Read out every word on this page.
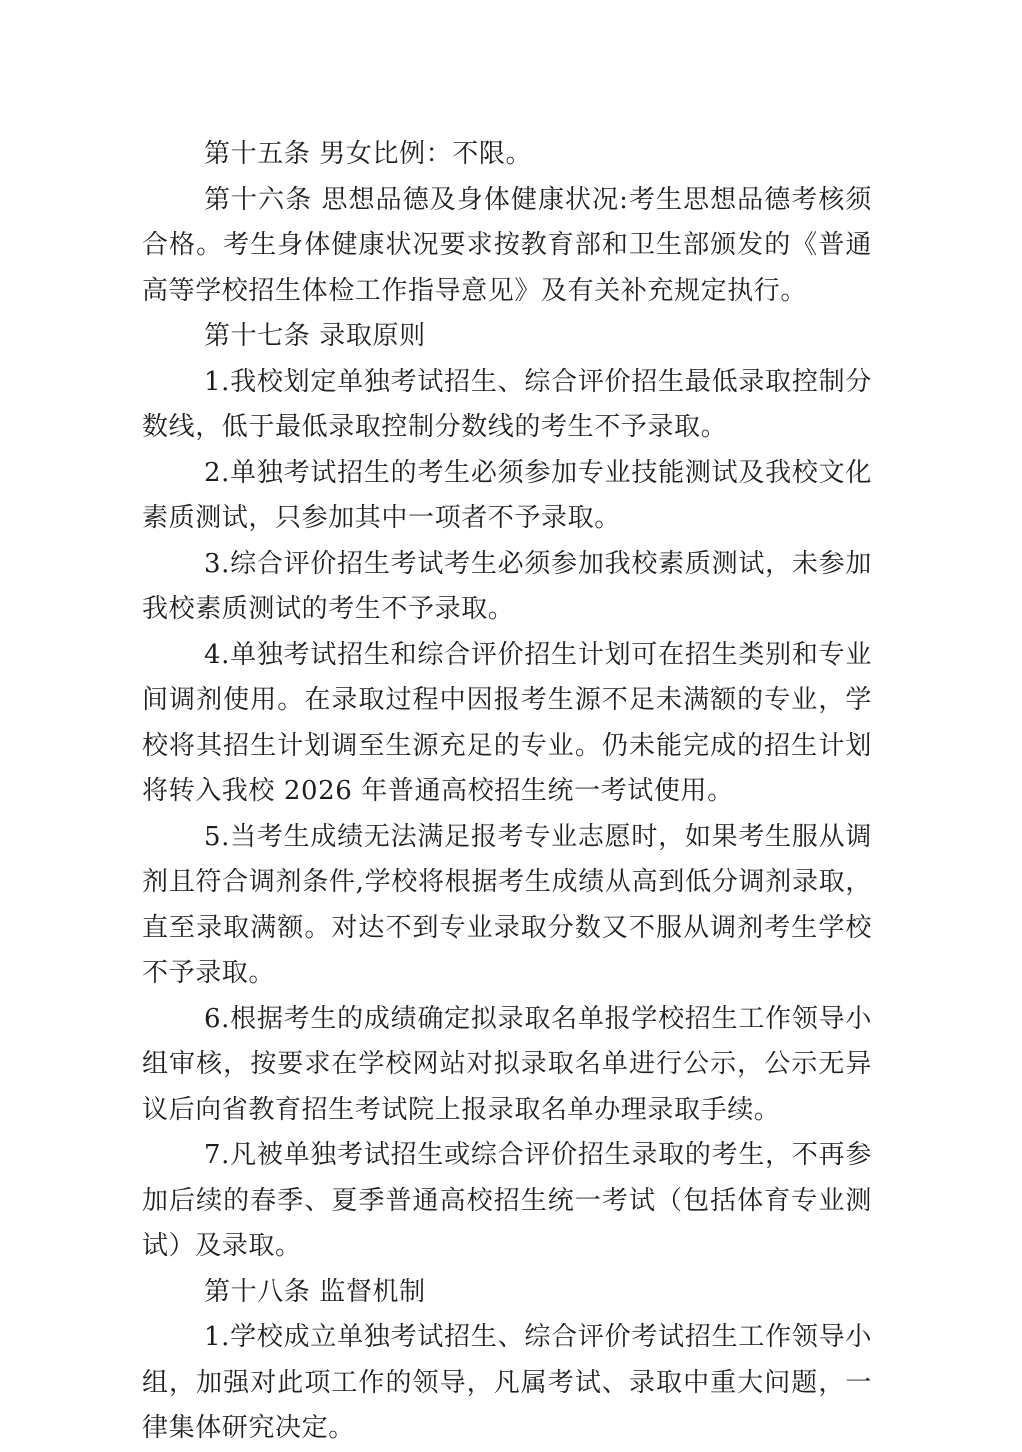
第十五条 男女比例：不限。
第十六条 思想品德及身体健康状况:考生思想品德考核须
合格。考生身体健康状况要求按教育部和卫生部颁发的《普通
高等学校招生体检工作指导意见》及有关补充规定执行。
第十七条 录取原则
1.我校划定单独考试招生、综合评价招生最低录取控制分
数线，低于最低录取控制分数线的考生不予录取。
2.单独考试招生的考生必须参加专业技能测试及我校文化
素质测试，只参加其中一项者不予录取。
3.综合评价招生考试考生必须参加我校素质测试，未参加
我校素质测试的考生不予录取。
4.单独考试招生和综合评价招生计划可在招生类别和专业
间调剂使用。在录取过程中因报考生源不足未满额的专业，学
校将其招生计划调至生源充足的专业。仍未能完成的招生计划
将转入我校 2026 年普通高校招生统一考试使用。
5.当考生成绩无法满足报考专业志愿时，如果考生服从调
剂且符合调剂条件,学校将根据考生成绩从高到低分调剂录取，
直至录取满额。对达不到专业录取分数又不服从调剂考生学校
不予录取。
6.根据考生的成绩确定拟录取名单报学校招生工作领导小
组审核，按要求在学校网站对拟录取名单进行公示，公示无异
议后向省教育招生考试院上报录取名单办理录取手续。
7.凡被单独考试招生或综合评价招生录取的考生，不再参
加后续的春季、夏季普通高校招生统一考试（包括体育专业测
试）及录取。
第十八条 监督机制
1.学校成立单独考试招生、综合评价考试招生工作领导小
组，加强对此项工作的领导，凡属考试、录取中重大问题，一
律集体研究决定。
